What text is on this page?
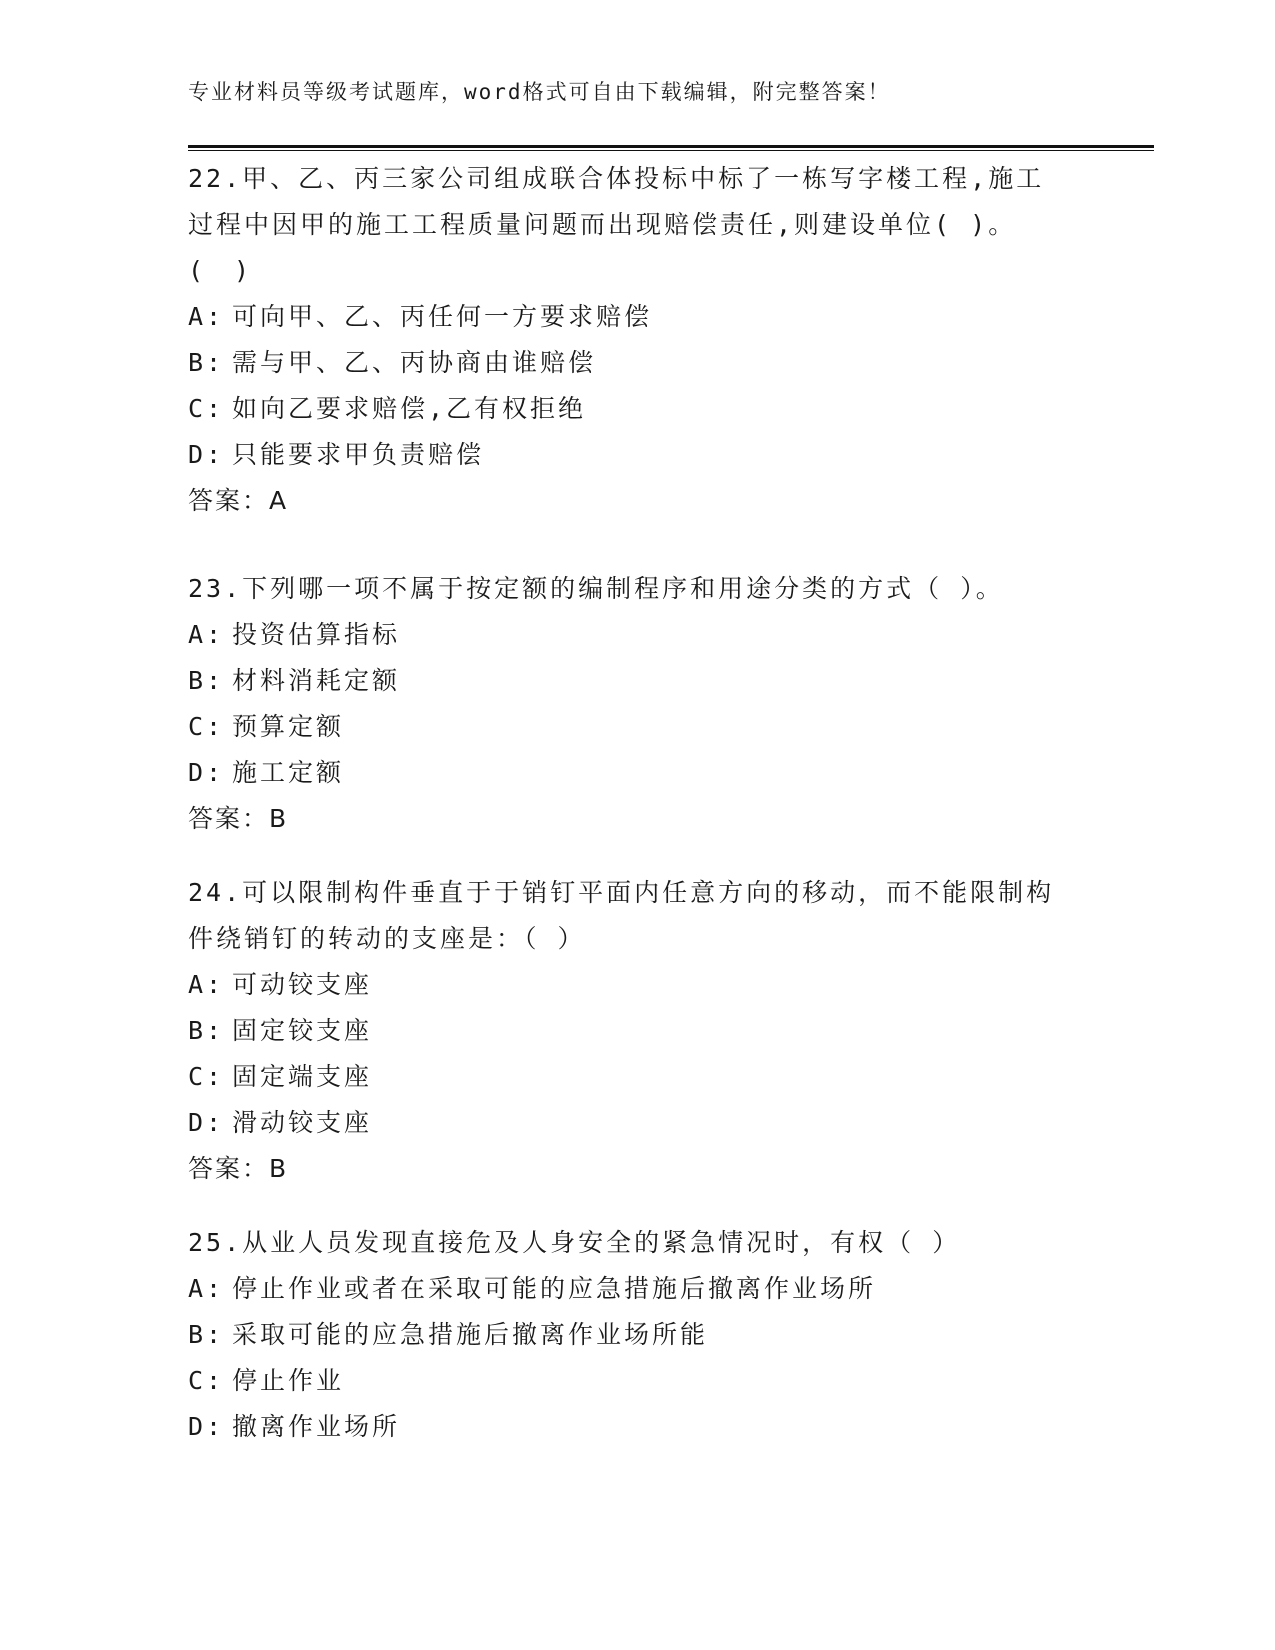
专业材料员等级考试题库，word格式可自由下载编辑，附完整答案！

22.甲、乙、丙三家公司组成联合体投标中标了一栋写字楼工程,施工过程中因甲的施工工程质量问题而出现赔偿责任,则建设单位( )。(　)

A: 可向甲、乙、丙任何一方要求赔偿
B: 需与甲、乙、丙协商由谁赔偿
C: 如向乙要求赔偿,乙有权拒绝
D: 只能要求甲负责赔偿
答案：A

23.下列哪一项不属于按定额的编制程序和用途分类的方式（ ）。

A: 投资估算指标
B: 材料消耗定额
C: 预算定额
D: 施工定额
答案：B

24.可以限制构件垂直于于销钉平面内任意方向的移动，而不能限制构件绕销钉的转动的支座是：（ ）

A: 可动铰支座
B: 固定铰支座
C: 固定端支座
D: 滑动铰支座
答案：B

25.从业人员发现直接危及人身安全的紧急情况时，有权（ ）

A: 停止作业或者在采取可能的应急措施后撤离作业场所
B: 采取可能的应急措施后撤离作业场所能
C: 停止作业
D: 撤离作业场所
